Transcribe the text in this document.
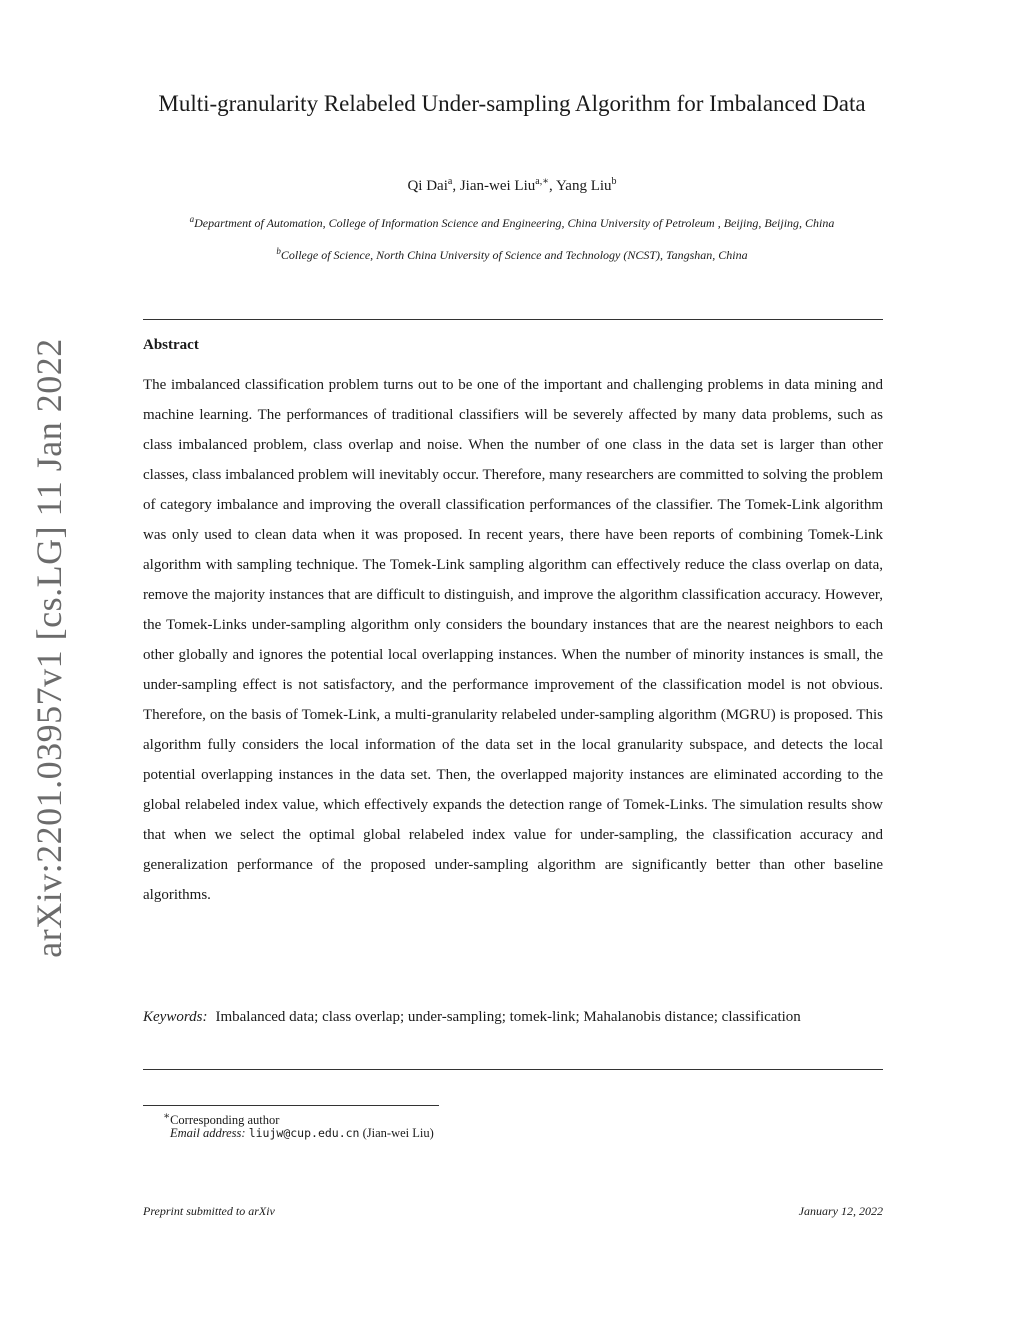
arXiv:2201.03957v1 [cs.LG] 11 Jan 2022
Multi-granularity Relabeled Under-sampling Algorithm for Imbalanced Data
Qi Dai$^a$, Jian-wei Liu$^{a,∗}$, Yang Liu$^b$
$^a$Department of Automation, College of Information Science and Engineering, China University of Petroleum , Beijing, Beijing, China
$^b$College of Science, North China University of Science and Technology (NCST), Tangshan, China
Abstract
The imbalanced classification problem turns out to be one of the important and challenging problems in data mining and machine learning. The performances of traditional classifiers will be severely affected by many data problems, such as class imbalanced problem, class overlap and noise. When the number of one class in the data set is larger than other classes, class imbalanced problem will inevitably occur. Therefore, many researchers are committed to solving the problem of category imbalance and improving the overall classification performances of the classifier. The Tomek-Link algorithm was only used to clean data when it was proposed. In recent years, there have been reports of combining Tomek-Link algorithm with sampling technique. The Tomek-Link sampling algorithm can effectively reduce the class overlap on data, remove the majority instances that are difficult to distinguish, and improve the algorithm classification accuracy. However, the Tomek-Links under-sampling algorithm only considers the boundary instances that are the nearest neighbors to each other globally and ignores the potential local overlapping instances. When the number of minority instances is small, the under-sampling effect is not satisfactory, and the performance improvement of the classification model is not obvious. Therefore, on the basis of Tomek-Link, a multi-granularity relabeled under-sampling algorithm (MGRU) is proposed. This algorithm fully considers the local information of the data set in the local granularity subspace, and detects the local potential overlapping instances in the data set. Then, the overlapped majority instances are eliminated according to the global relabeled index value, which effectively expands the detection range of Tomek-Links. The simulation results show that when we select the optimal global relabeled index value for under-sampling, the classification accuracy and generalization performance of the proposed under-sampling algorithm are significantly better than other baseline algorithms.
Keywords: Imbalanced data; class overlap; under-sampling; tomek-link; Mahalanobis distance; classification
∗Corresponding author
Email address: liujw@cup.edu.cn (Jian-wei Liu)
Preprint submitted to arXiv	January 12, 2022
